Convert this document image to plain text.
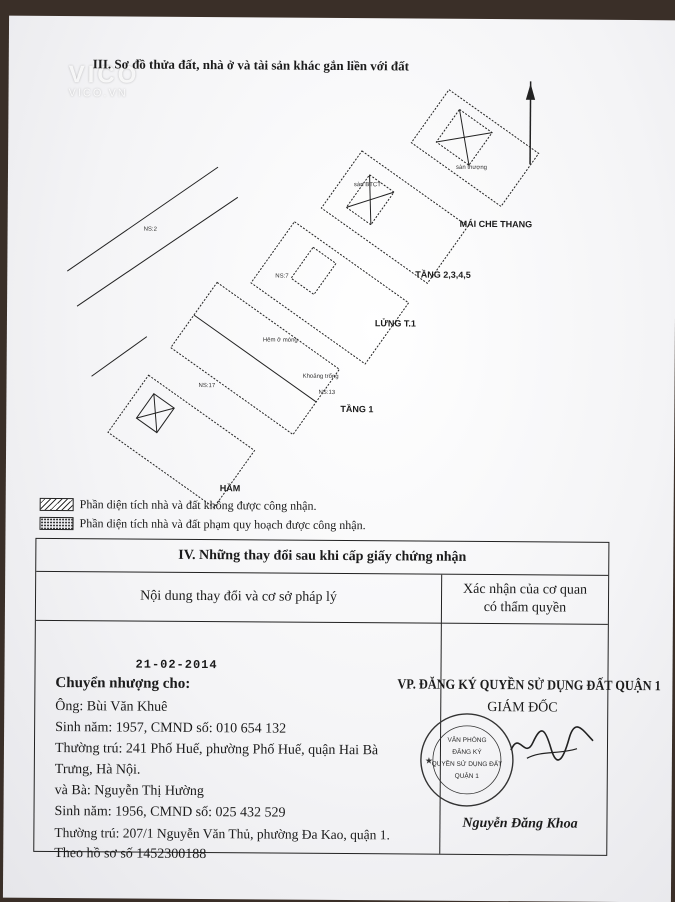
VICO
VICO.VN
III. Sơ đồ thửa đất, nhà ở và tài sản khác gắn liền với đất
MÁI CHE THANG
TẦNG 2,3,4,5
LỬNG T.1
TẦNG 1
HẦM
Khoảng trống
NS:2
NS:7
NS:13
NS:17
sàn BTCT
sàn thượng
Hẻm ở móng
Phần diện tích nhà và đất không được công nhận.
Phần diện tích nhà và đất phạm quy hoạch được công nhận.
IV. Những thay đổi sau khi cấp giấy chứng nhận
Nội dung thay đổi và cơ sở pháp lý	Xác nhận của cơ quan
có thẩm quyền
21-02-2014
Chuyển nhượng cho:
Ông: Bùi Văn Khuê
Sinh năm: 1957, CMND số: 010 654 132
Thường trú: 241 Phố Huế, phường Phố Huế, quận Hai Bà
Trưng, Hà Nội.
và Bà: Nguyễn Thị Hường
Sinh năm: 1956, CMND số: 025 432 529
Thường trú: 207/1 Nguyễn Văn Thủ, phường Đa Kao, quận 1.
Theo hồ sơ số 1452300188
VP. ĐĂNG KÝ QUYỀN SỬ DỤNG ĐẤT QUẬN 1
GIÁM ĐỐC
VĂN PHÒNG
ĐĂNG KÝ
QUYỀN SỬ DỤNG ĐẤT
QUẬN 1
★
Nguyễn Đăng Khoa
